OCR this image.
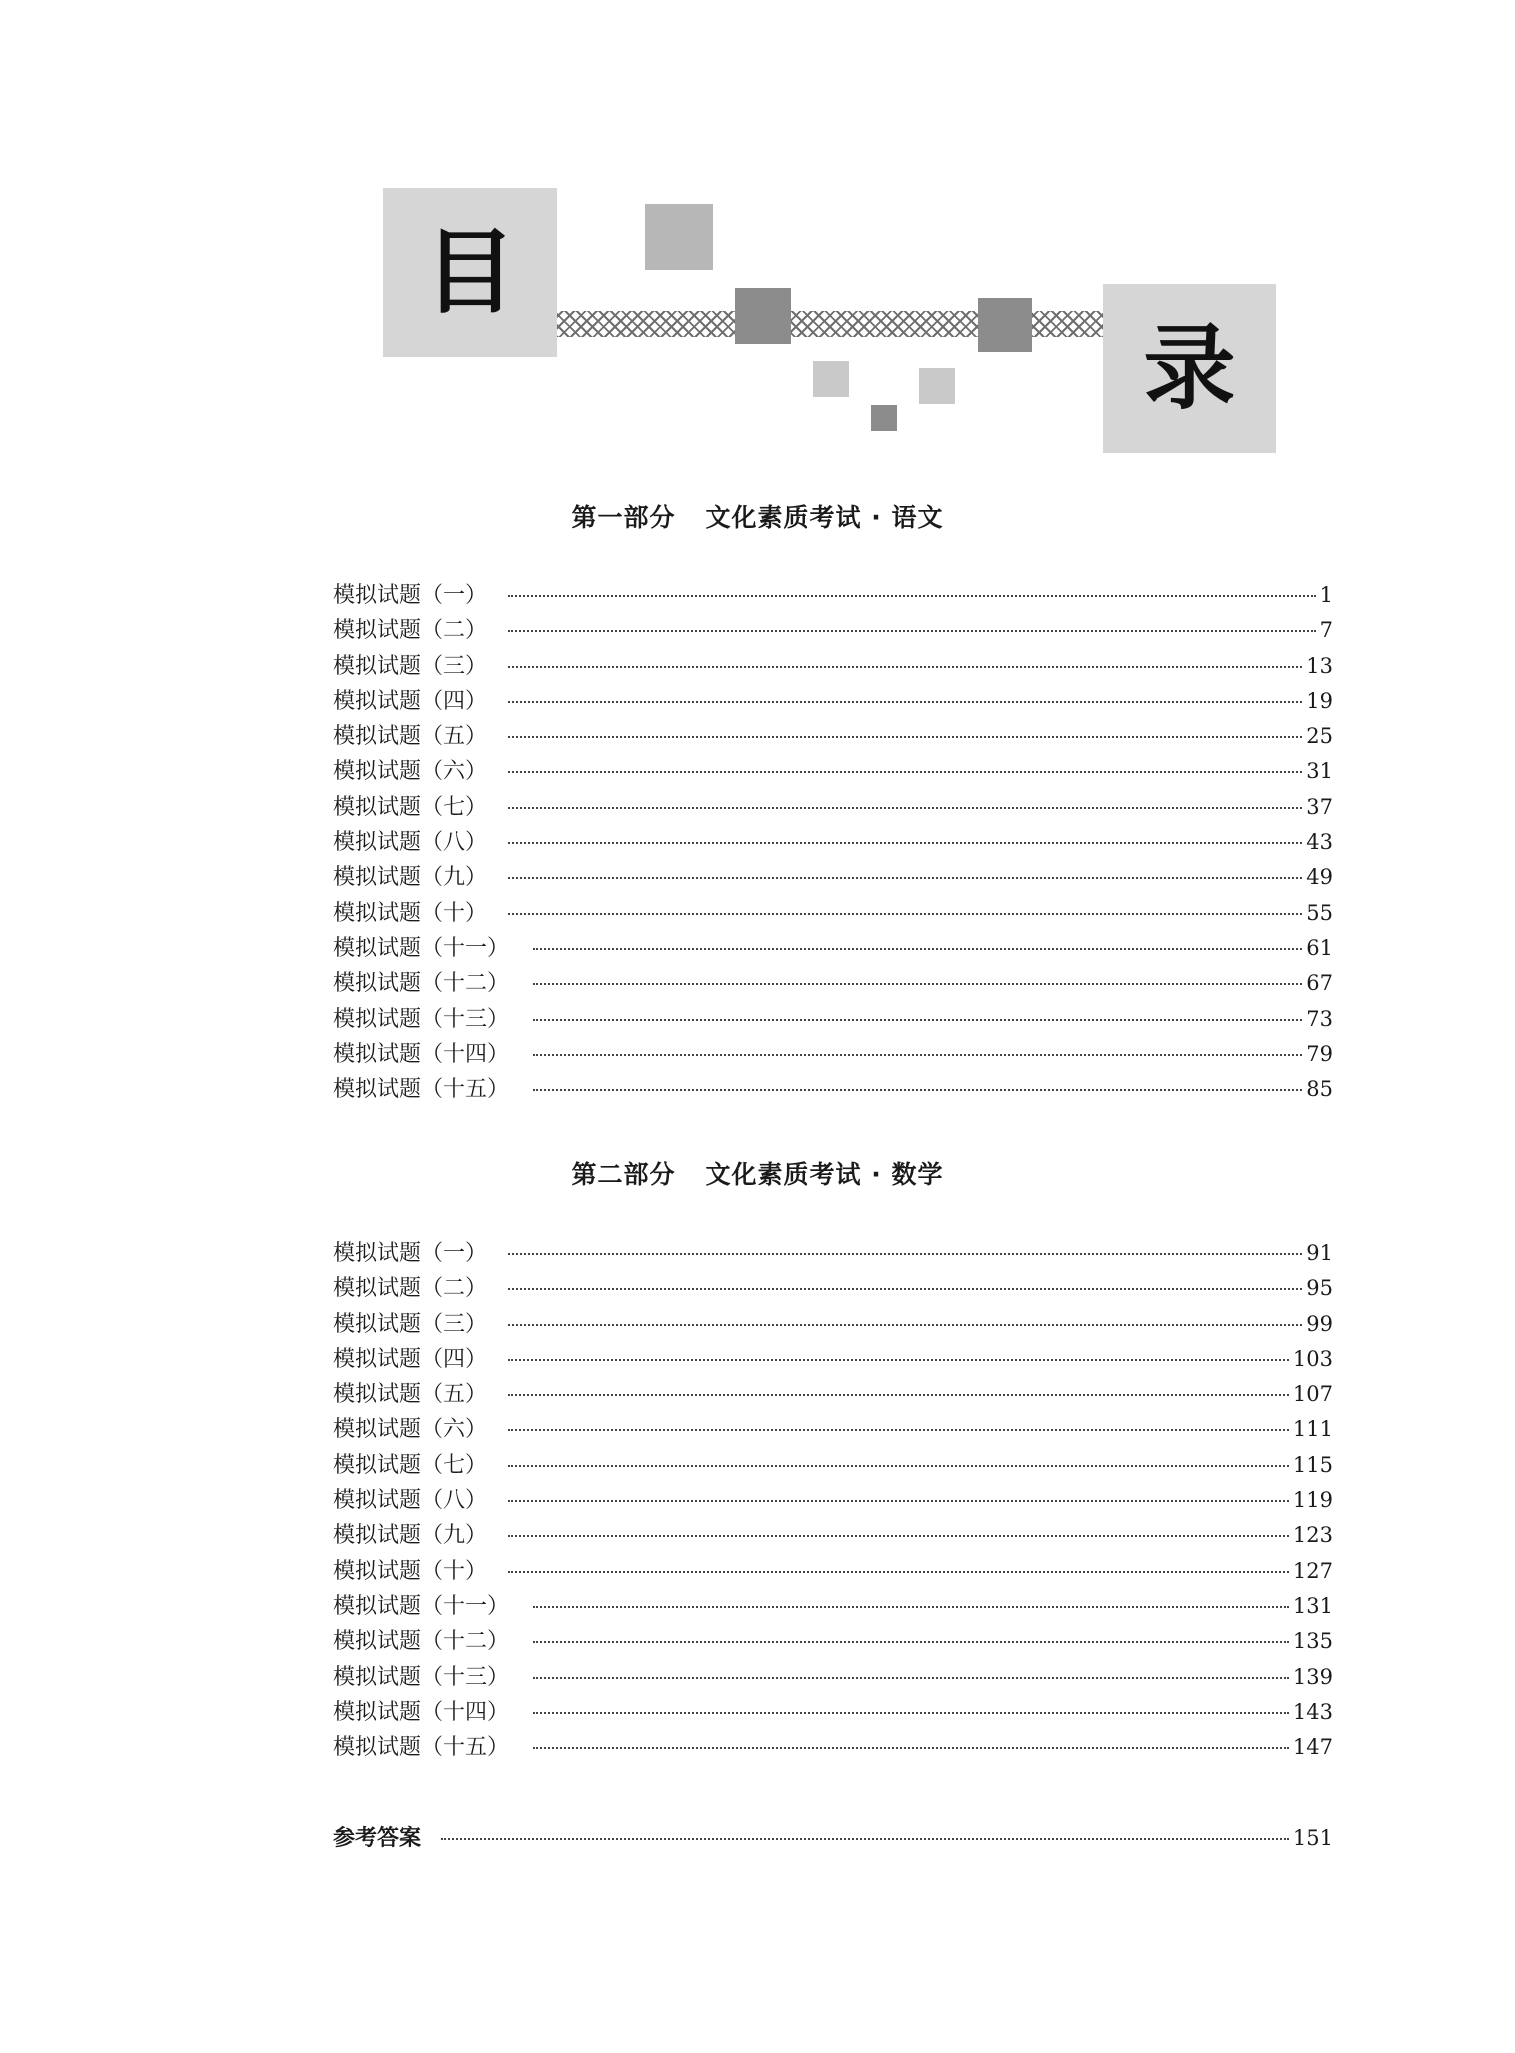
目
录
第一部分 文化素质考试 · 语文
模拟试题（一）	1
模拟试题（二）	7
模拟试题（三）	13
模拟试题（四）	19
模拟试题（五）	25
模拟试题（六）	31
模拟试题（七）	37
模拟试题（八）	43
模拟试题（九）	49
模拟试题（十）	55
模拟试题（十一）	61
模拟试题（十二）	67
模拟试题（十三）	73
模拟试题（十四）	79
模拟试题（十五）	85
第二部分 文化素质考试 · 数学
模拟试题（一）	91
模拟试题（二）	95
模拟试题（三）	99
模拟试题（四）	103
模拟试题（五）	107
模拟试题（六）	111
模拟试题（七）	115
模拟试题（八）	119
模拟试题（九）	123
模拟试题（十）	127
模拟试题（十一）	131
模拟试题（十二）	135
模拟试题（十三）	139
模拟试题（十四）	143
模拟试题（十五）	147
参考答案	151
